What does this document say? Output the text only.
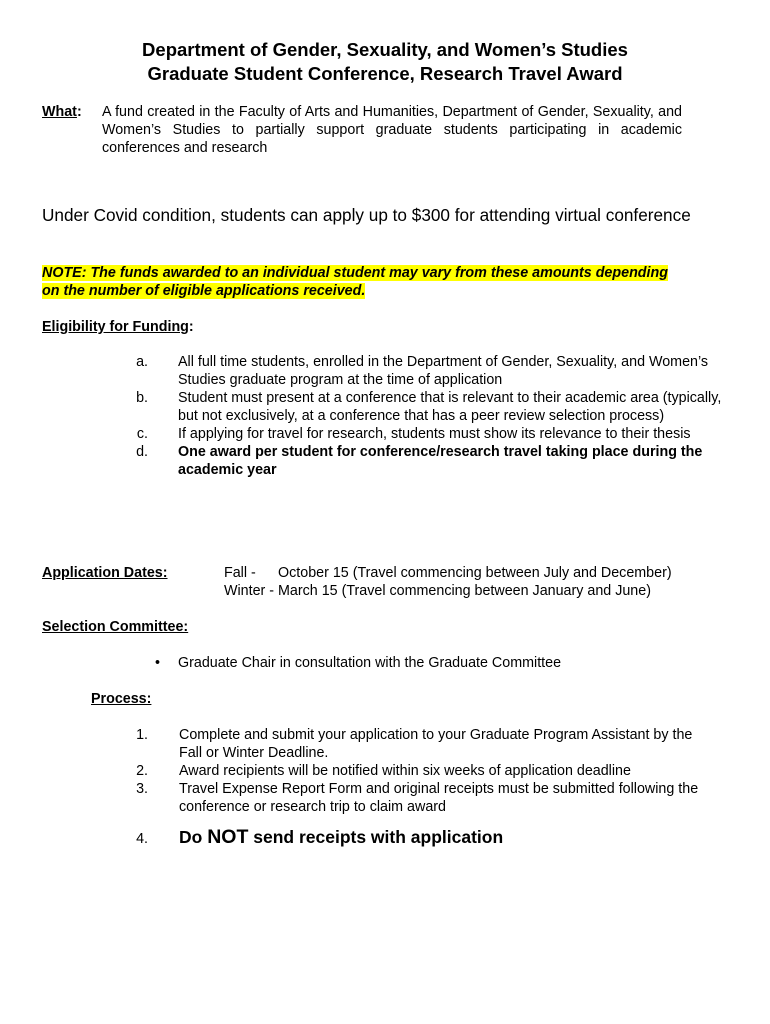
Department of Gender, Sexuality, and Women’s Studies
Graduate Student Conference, Research Travel Award
What: A fund created in the Faculty of Arts and Humanities, Department of Gender, Sexuality, and Women’s Studies to partially support graduate students participating in academic conferences and research
Under Covid condition, students can apply up to $300 for attending virtual conference
NOTE: The funds awarded to an individual student may vary from these amounts depending
on the number of eligible applications received.
Eligibility for Funding:
a. All full time students, enrolled in the Department of Gender, Sexuality, and Women’s Studies graduate program at the time of application
b. Student must present at a conference that is relevant to their academic area (typically, but not exclusively, at a conference that has a peer review selection process)
c. If applying for travel for research, students must show its relevance to their thesis
d. One award per student for conference/research travel taking place during the academic year
Application Dates:	Fall -	October 15 (Travel commencing between July and December)
Winter - March 15 (Travel commencing between January and June)
Selection Committee:
•	Graduate Chair in consultation with the Graduate Committee
Process:
1. Complete and submit your application to your Graduate Program Assistant by the Fall or Winter Deadline.
2. Award recipients will be notified within six weeks of application deadline
3. Travel Expense Report Form and original receipts must be submitted following the conference or research trip to claim award
4. Do NOT send receipts with application
